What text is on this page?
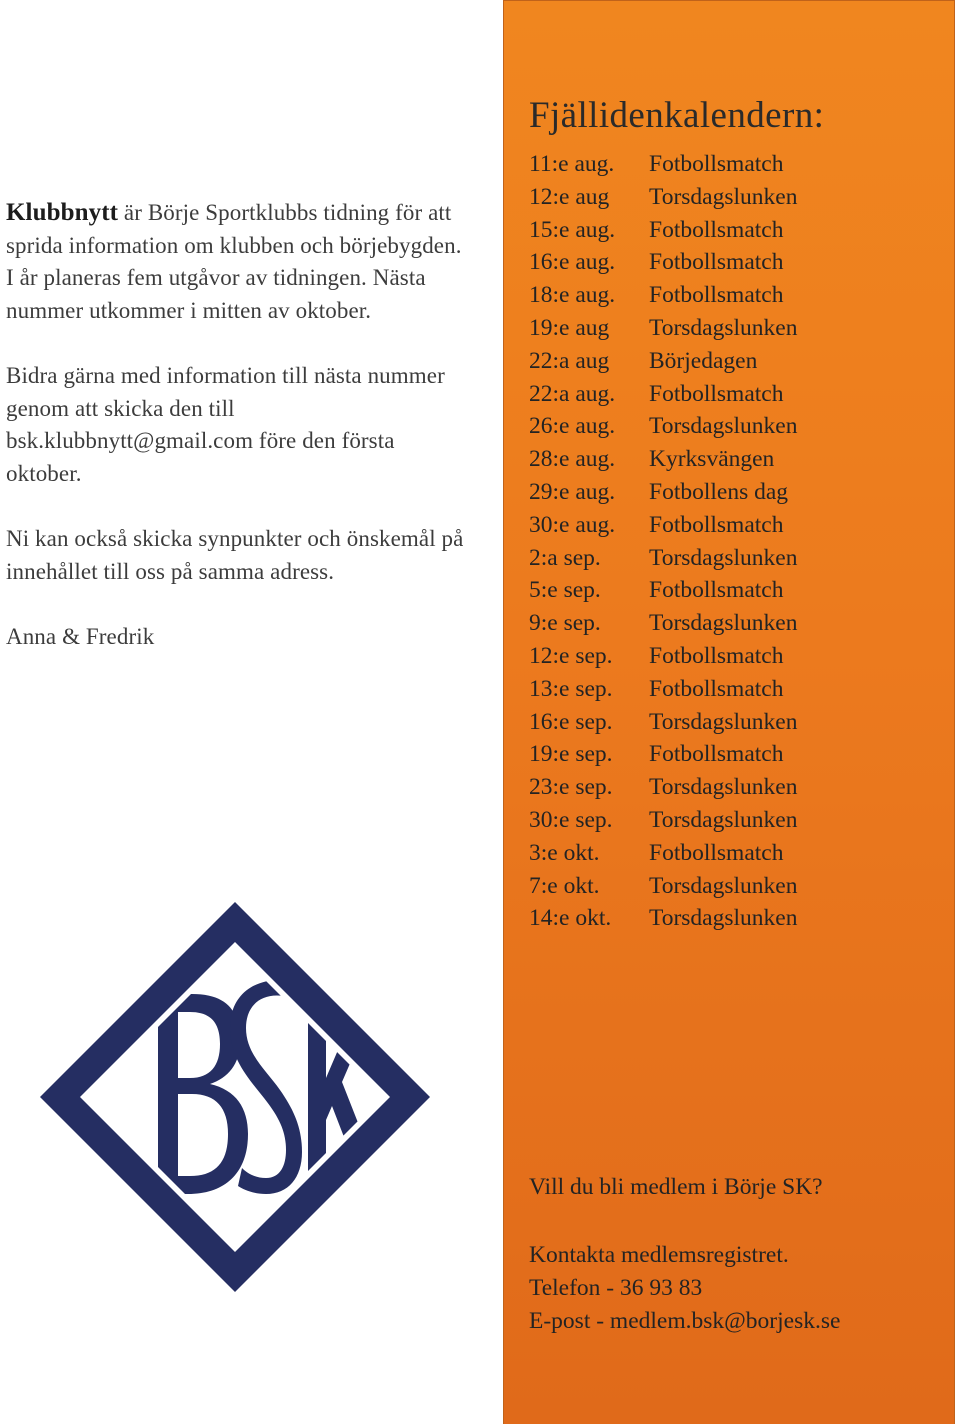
Klubbnytt är Börje Sportklubbs tidning för att sprida information om klubben och börjebygden. I år planeras fem utgåvor av tidningen. Nästa nummer utkommer i mitten av oktober.

Bidra gärna med information till nästa nummer genom att skicka den till bsk.klubbnytt@gmail.com före den första oktober.

Ni kan också skicka synpunkter och önskemål på innehållet till oss på samma adress.

Anna & Fredrik

Fjällidenkalendern:
11:e aug. Fotbollsmatch
12:e aug Torsdagslunken
15:e aug. Fotbollsmatch
16:e aug. Fotbollsmatch
18:e aug. Fotbollsmatch
19:e aug Torsdagslunken
22:a aug Börjedagen
22:a aug. Fotbollsmatch
26:e aug. Torsdagslunken
28:e aug. Kyrksvängen
29:e aug. Fotbollens dag
30:e aug. Fotbollsmatch
2:a sep. Torsdagslunken
5:e sep. Fotbollsmatch
9:e sep. Torsdagslunken
12:e sep. Fotbollsmatch
13:e sep. Fotbollsmatch
16:e sep. Torsdagslunken
19:e sep. Fotbollsmatch
23:e sep. Torsdagslunken
30:e sep. Torsdagslunken
3:e okt. Fotbollsmatch
7:e okt. Torsdagslunken
14:e okt. Torsdagslunken

Vill du bli medlem i Börje SK?

Kontakta medlemsregistret.
Telefon - 36 93 83
E-post - medlem.bsk@borjesk.se
